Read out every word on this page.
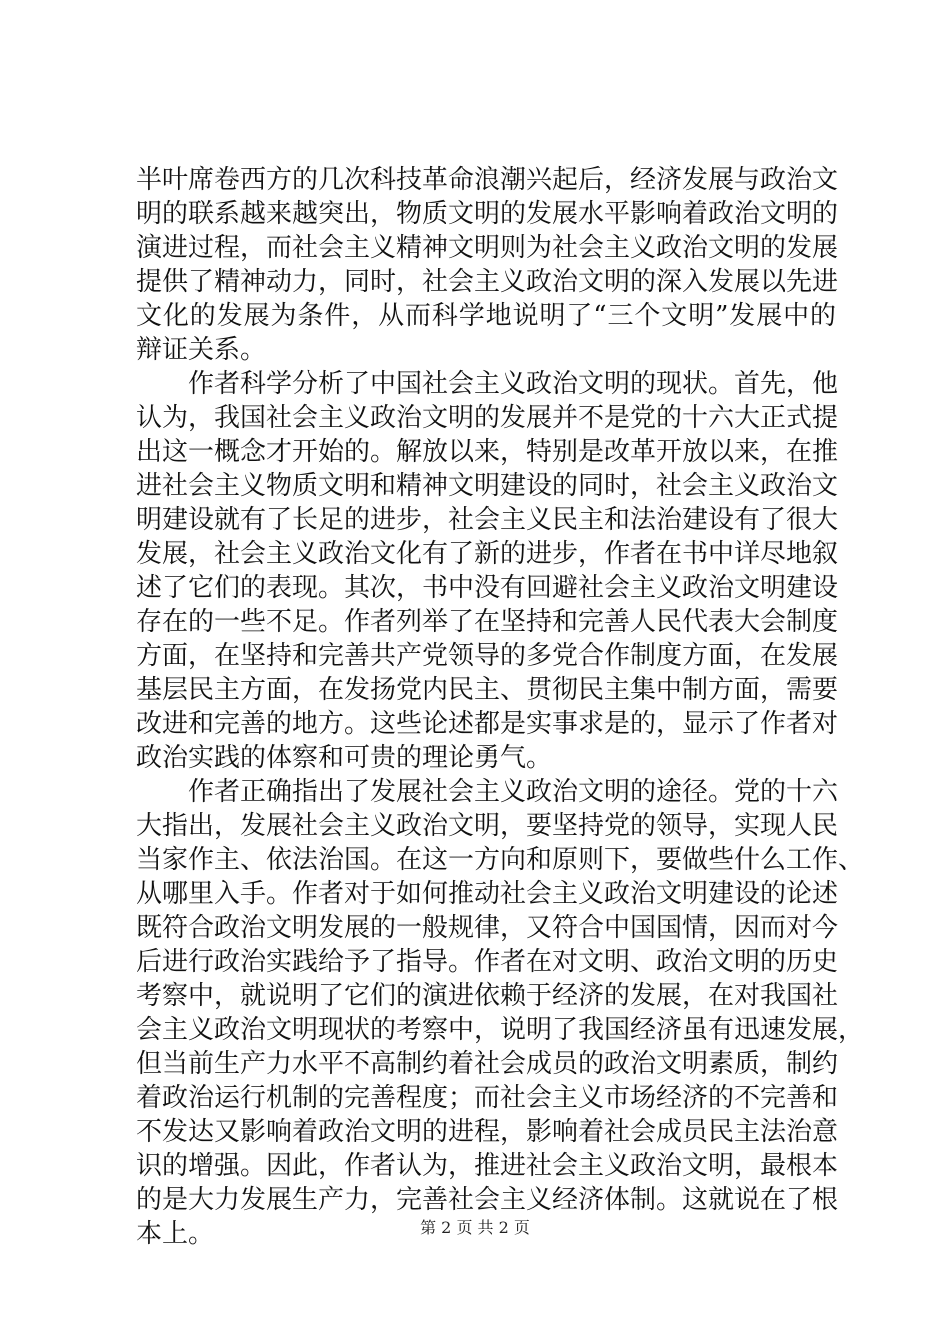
半叶席卷西方的几次科技革命浪潮兴起后，经济发展与政治文
明的联系越来越突出，物质文明的发展水平影响着政治文明的
演进过程，而社会主义精神文明则为社会主义政治文明的发展
提供了精神动力，同时，社会主义政治文明的深入发展以先进
文化的发展为条件，从而科学地说明了“三个文明”发展中的
辩证关系。
作者科学分析了中国社会主义政治文明的现状。首先，他
认为，我国社会主义政治文明的发展并不是党的十六大正式提
出这一概念才开始的。解放以来，特别是改革开放以来，在推
进社会主义物质文明和精神文明建设的同时，社会主义政治文
明建设就有了长足的进步，社会主义民主和法治建设有了很大
发展，社会主义政治文化有了新的进步，作者在书中详尽地叙
述了它们的表现。其次，书中没有回避社会主义政治文明建设
存在的一些不足。作者列举了在坚持和完善人民代表大会制度
方面，在坚持和完善共产党领导的多党合作制度方面，在发展
基层民主方面，在发扬党内民主、贯彻民主集中制方面，需要
改进和完善的地方。这些论述都是实事求是的，显示了作者对
政治实践的体察和可贵的理论勇气。
作者正确指出了发展社会主义政治文明的途径。党的十六
大指出，发展社会主义政治文明，要坚持党的领导，实现人民
当家作主、依法治国。在这一方向和原则下，要做些什么工作、
从哪里入手。作者对于如何推动社会主义政治文明建设的论述
既符合政治文明发展的一般规律，又符合中国国情，因而对今
后进行政治实践给予了指导。作者在对文明、政治文明的历史
考察中，就说明了它们的演进依赖于经济的发展，在对我国社
会主义政治文明现状的考察中，说明了我国经济虽有迅速发展，
但当前生产力水平不高制约着社会成员的政治文明素质，制约
着政治运行机制的完善程度；而社会主义市场经济的不完善和
不发达又影响着政治文明的进程，影响着社会成员民主法治意
识的增强。因此，作者认为，推进社会主义政治文明，最根本
的是大力发展生产力，完善社会主义经济体制。这就说在了根
本上。	第 2 页 共 2 页
